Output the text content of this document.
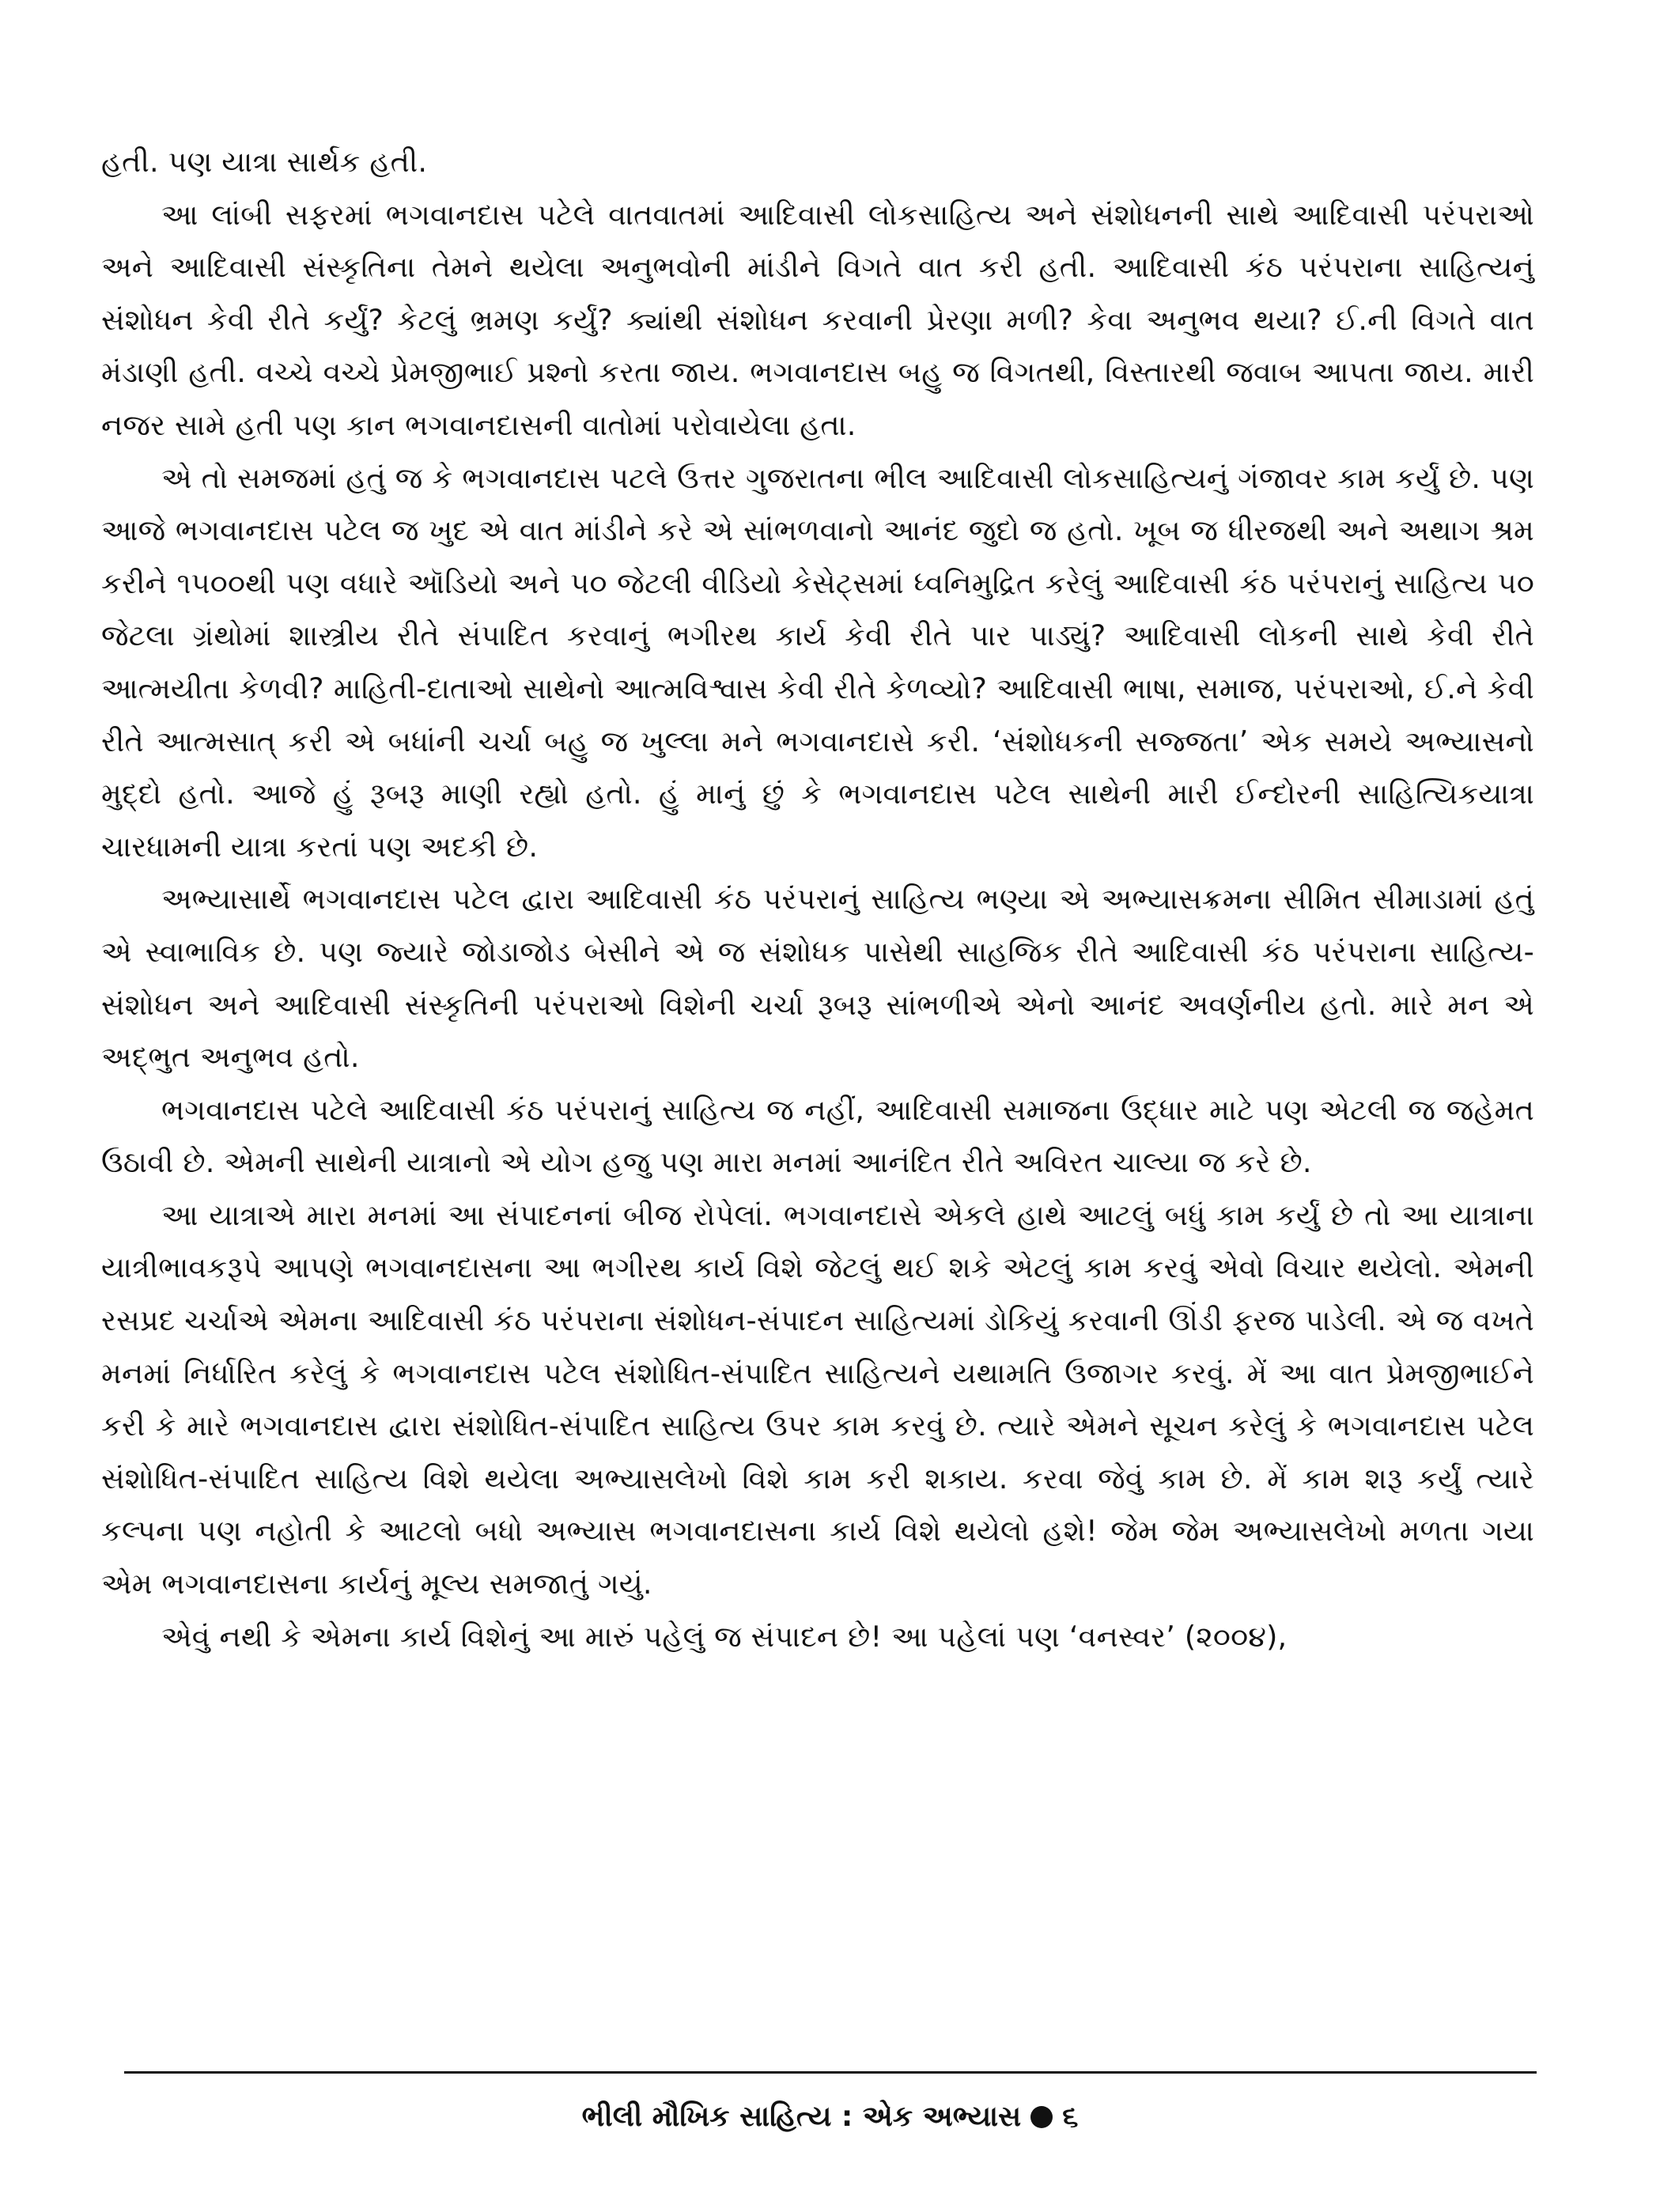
હતી. પણ યાત્રા સાર્થક હતી.

આ લાંબી સફરમાં ભગવાનદાસ પટેલે વાતવાતમાં આદિવાસી લોકસાહિત્ય અને સંશોધનની સાથે આદિવાસી પરંપરાઓ અને આદિવાસી સંસ્કૃતિના તેમને થયેલા અનુભવોની માંડીને વિગતે વાત કરી હતી. આદિવાસી કંઠ પરંપરાના સાહિત્યનું સંશોધન કેવી રીતે કર્યું? કેટલું ભ્રમણ કર્યું? ક્યાંથી સંશોધન કરવાની પ્રેરણા મળી? કેવા અનુભવ થયા? ઈ.ની વિગતે વાત મંડાણી હતી. વચ્ચે વચ્ચે પ્રેમજીભાઈ પ્રશ્નો કરતા જાય. ભગવાનદાસ બહુ જ વિગતથી, વિસ્તારથી જવાબ આપતા જાય. મારી નજર સામે હતી પણ કાન ભગવાનદાસની વાતોમાં પરોવાયેલા હતા.

એ તો સમજમાં હતું જ કે ભગવાનદાસ પટલે ઉત્તર ગુજરાતના ભીલ આદિવાસી લોકસાહિત્યનું ગંજાવર કામ કર્યું છે. પણ આજે ભગવાનદાસ પટેલ જ ખુદ એ વાત માંડીને કરે એ સાંભળવાનો આનંદ જુદો જ હતો. ખૂબ જ ધીરજથી અને અથાગ શ્રમ કરીને ૧૫૦૦થી પણ વધારે ઑડિયો અને ૫૦ જેટલી વીડિયો કેસેટ્સમાં ધ્વનિમુદ્રિત કરેલું આદિવાસી કંઠ પરંપરાનું સાહિત્ય ૫૦ જેટલા ગ્રંથોમાં શાસ્ત્રીય રીતે સંપાદિત કરવાનું ભગીરથ કાર્ય કેવી રીતે પાર પાડ્યું? આદિવાસી લોકની સાથે કેવી રીતે આત્મયીતા કેળવી? માહિતી-દાતાઓ સાથેનો આત્મવિશ્વાસ કેવી રીતે કેળવ્યો? આદિવાસી ભાષા, સમાજ, પરંપરાઓ, ઈ.ને કેવી રીતે આત્મસાત્ કરી એ બધાંની ચર્ચા બહુ જ ખુલ્લા મને ભગવાનદાસે કરી. ‘સંશોધકની સજ્જતા’ એક સમયે અભ્યાસનો મુદ્દો હતો. આજે હું રૂબરૂ માણી રહ્યો હતો. હું માનું છું કે ભગવાનદાસ પટેલ સાથેની મારી ઈન્દોરની સાહિત્યિકયાત્રા ચારધામની યાત્રા કરતાં પણ અદકી છે.

અભ્યાસાર્થે ભગવાનદાસ પટેલ દ્વારા આદિવાસી કંઠ પરંપરાનું સાહિત્ય ભણ્યા એ અભ્યાસક્રમના સીમિત સીમાડામાં હતું એ સ્વાભાવિક છે. પણ જ્યારે જોડાજોડ બેસીને એ જ સંશોધક પાસેથી સાહજિક રીતે આદિવાસી કંઠ પરંપરાના સાહિત્ય-સંશોધન અને આદિવાસી સંસ્કૃતિની પરંપરાઓ વિશેની ચર્ચા રૂબરૂ સાંભળીએ એનો આનંદ અવર્ણનીય હતો. મારે મન એ અદ્ભુત અનુભવ હતો.

ભગવાનદાસ પટેલે આદિવાસી કંઠ પરંપરાનું સાહિત્ય જ નહીં, આદિવાસી સમાજના ઉદ્ધાર માટે પણ એટલી જ જહેમત ઉઠાવી છે. એમની સાથેની યાત્રાનો એ યોગ હજુ પણ મારા મનમાં આનંદિત રીતે અવિરત ચાલ્યા જ કરે છે.

આ યાત્રાએ મારા મનમાં આ સંપાદનનાં બીજ રોપેલાં. ભગવાનદાસે એકલે હાથે આટલું બધું કામ કર્યું છે તો આ યાત્રાના યાત્રીભાવકરૂપે આપણે ભગવાનદાસના આ ભગીરથ કાર્ય વિશે જેટલું થઈ શકે એટલું કામ કરવું એવો વિચાર થયેલો. એમની રસપ્રદ ચર્ચાએ એમના આદિવાસી કંઠ પરંપરાના સંશોધન-સંપાદન સાહિત્યમાં ડોકિયું કરવાની ઊંડી ફરજ પાડેલી. એ જ વખતે મનમાં નિર્ધારિત કરેલું કે ભગવાનદાસ પટેલ સંશોધિત-સંપાદિત સાહિત્યને યથામતિ ઉજાગર કરવું. મેં આ વાત પ્રેમજીભાઈને કરી કે મારે ભગવાનદાસ દ્વારા સંશોધિત-સંપાદિત સાહિત્ય ઉપર કામ કરવું છે. ત્યારે એમને સૂચન કરેલું કે ભગવાનદાસ પટેલ સંશોધિત-સંપાદિત સાહિત્ય વિશે થયેલા અભ્યાસલેખો વિશે કામ કરી શકાય. કરવા જેવું કામ છે. મેં કામ શરૂ કર્યું ત્યારે કલ્પના પણ નહોતી કે આટલો બધો અભ્યાસ ભગવાનદાસના કાર્ય વિશે થયેલો હશે! જેમ જેમ અભ્યાસલેખો મળતા ગયા એમ ભગવાનદાસના કાર્યનું મૂલ્ય સમજાતું ગયું.

એવું નથી કે એમના કાર્ય વિશેનું આ મારું પહેલું જ સંપાદન છે! આ પહેલાં પણ ‘વનસ્વર’ (૨૦૦૪),

ભીલી મૌખિક સાહિત્ય : એક અભ્યાસ ૬
